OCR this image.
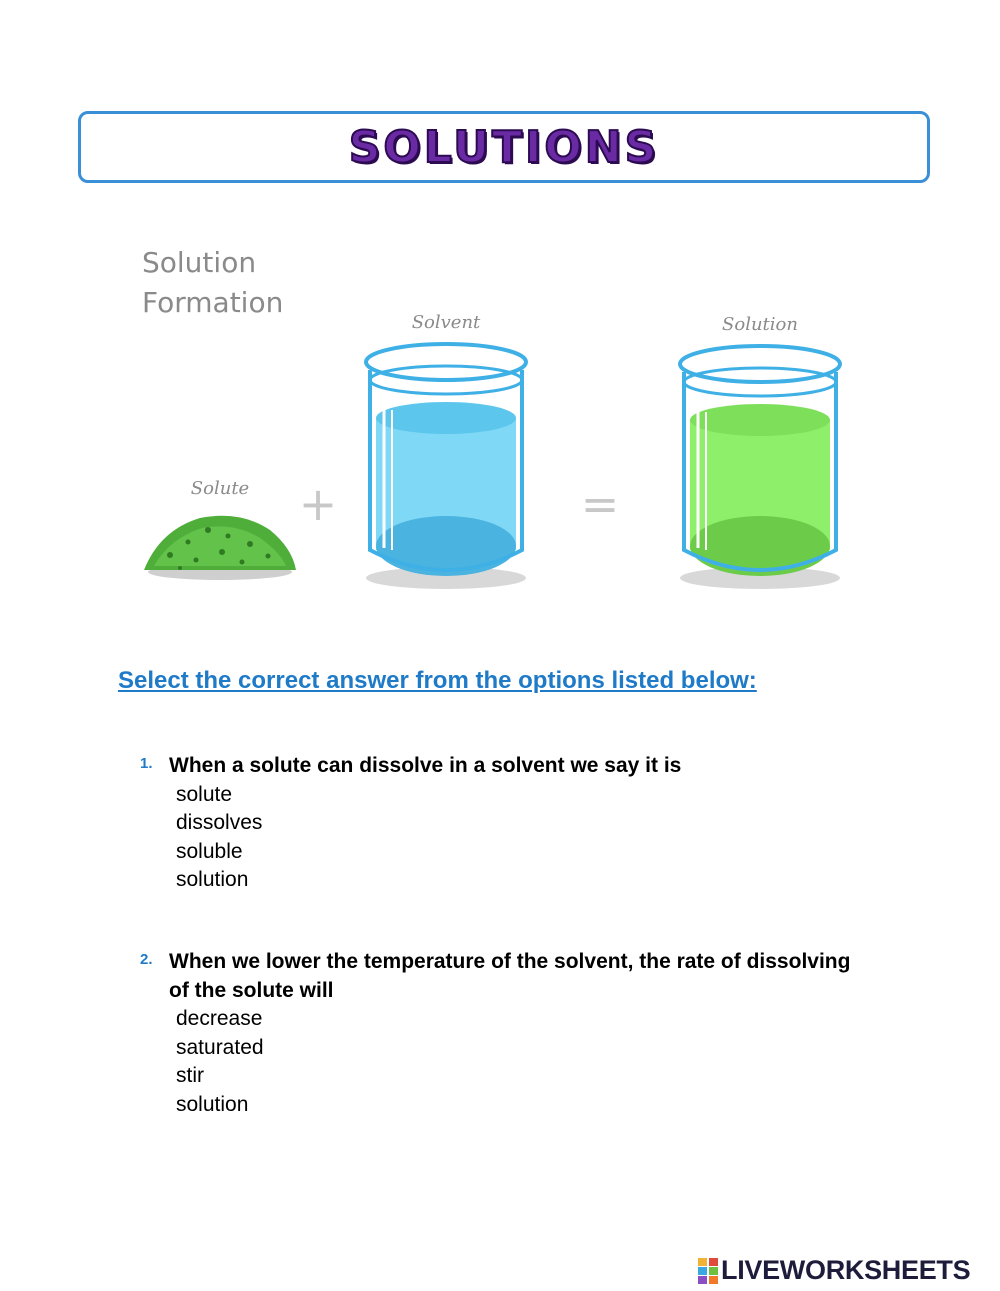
SOLUTIONS
Solution
Formation
Solute +
Solvent
=
Solution
Select the correct answer from the options listed below:
1. When a solute can dissolve in a solvent we say it is
solute
dissolves
soluble
solution
2. When we lower the temperature of the solvent, the rate of dissolving of the solute will
decrease
saturated
stir
solution
LIVEWORKSHEETS
